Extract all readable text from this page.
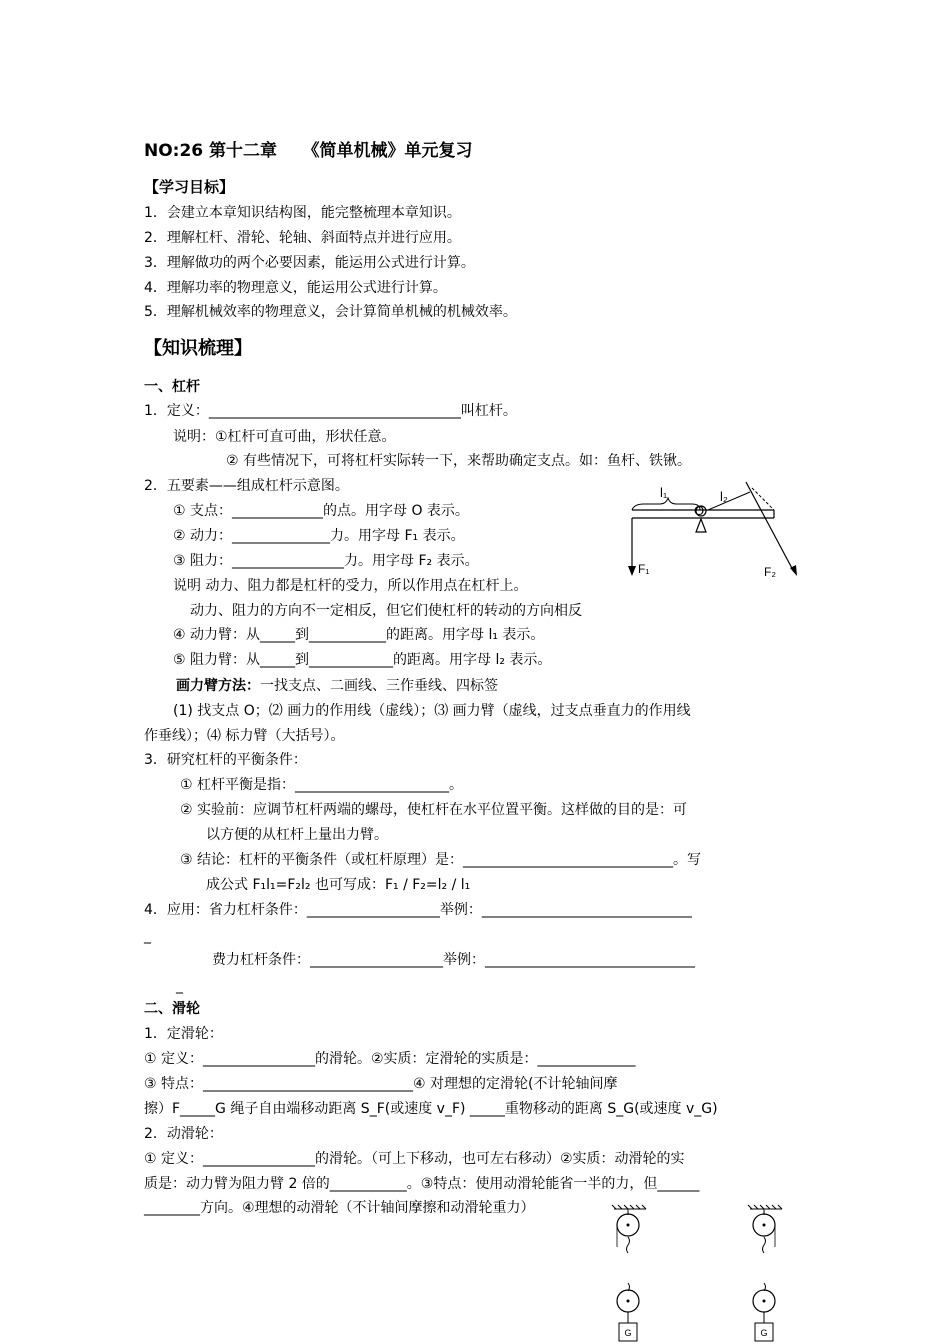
NO:26 第十二章　　《简单机械》单元复习
【学习目标】
1．会建立本章知识结构图，能完整梳理本章知识。
2．理解杠杆、滑轮、轮轴、斜面特点并进行应用。
3．理解做功的两个必要因素，能运用公式进行计算。
4．理解功率的物理意义，能运用公式进行计算。
5．理解机械效率的物理意义，会计算简单机械的机械效率。
【知识梳理】
一、杠杆
1．定义：____________________________________叫杠杆。
说明：①杠杆可直可曲，形状任意。
② 有些情况下，可将杠杆实际转一下，来帮助确定支点。如：鱼杆、铁锹。
2．五要素——组成杠杆示意图。
① 支点：_____________的点。用字母 O 表示。
② 动力：______________力。用字母 F₁ 表示。
③ 阻力：________________力。用字母 F₂ 表示。
说明 动力、阻力都是杠杆的受力，所以作用点在杠杆上。
动力、阻力的方向不一定相反，但它们使杠杆的转动的方向相反
④ 动力臂：从_____到___________的距离。用字母 l₁ 表示。
⑤ 阻力臂：从_____到____________的距离。用字母 l₂ 表示。
画力臂方法：一找支点、二画线、三作垂线、四标签
(1) 找支点 O；⑵ 画力的作用线（虚线）；⑶ 画力臂（虚线，过支点垂直力的作用线
作垂线）；⑷ 标力臂（大括号）。
3．研究杠杆的平衡条件：
① 杠杆平衡是指：______________________。
② 实验前：应调节杠杆两端的螺母，使杠杆在水平位置平衡。这样做的目的是：可
以方便的从杠杆上量出力臂。
③ 结论：杠杆的平衡条件（或杠杆原理）是：______________________________。写
成公式 F₁l₁=F₂l₂ 也可写成：F₁ / F₂=l₂ / l₁
4．应用：省力杠杆条件：___________________举例：______________________________
_
费力杠杆条件：___________________举例：______________________________
_
二、滑轮
1．定滑轮：
① 定义：________________的滑轮。②实质：定滑轮的实质是：______________
③ 特点：______________________________④ 对理想的定滑轮(不计轮轴间摩
擦）F_____G 绳子自由端移动距离 S_F(或速度 v_F) _____重物移动的距离 S_G(或速度 v_G)
2．动滑轮：
① 定义：________________的滑轮。（可上下移动，也可左右移动）②实质：动滑轮的实
质是：动力臂为阻力臂 2 倍的___________。③特点：使用动滑轮能省一半的力，但______
________方向。④理想的动滑轮（不计轴间摩擦和动滑轮重力）
l₁	l₂
O
F₁	F₂
G	G
